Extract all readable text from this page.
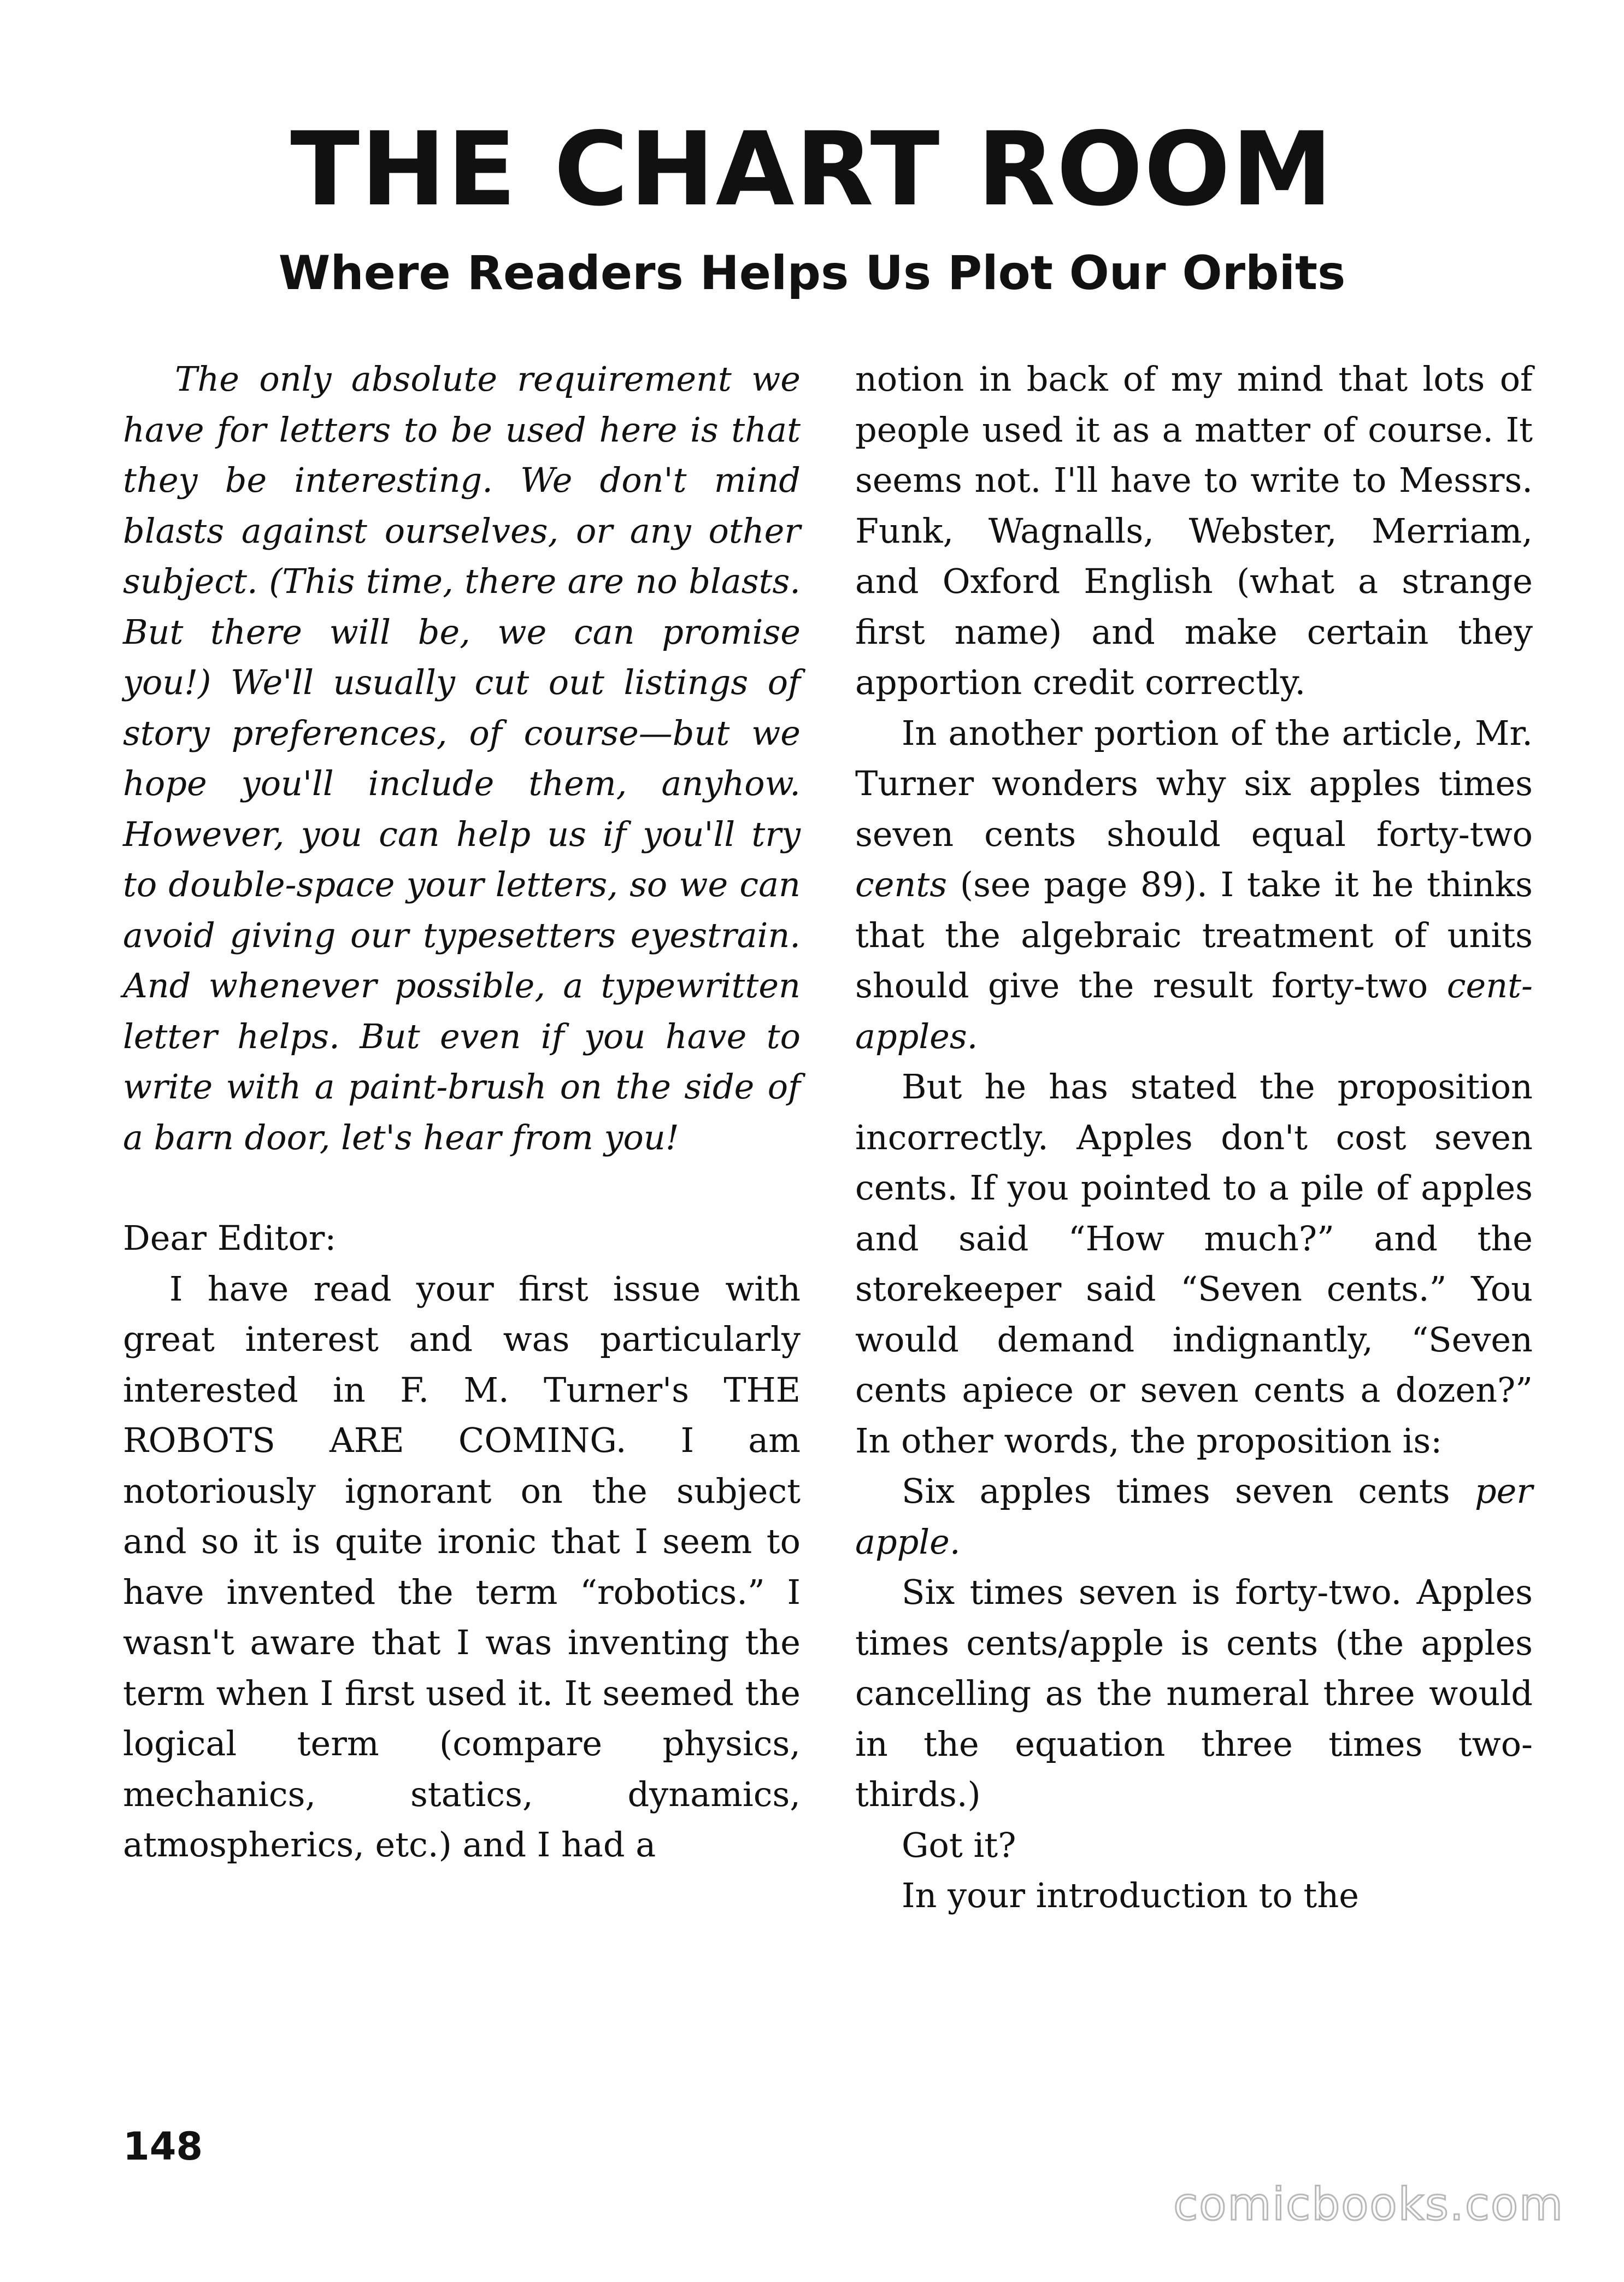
THE CHART ROOM
Where Readers Helps Us Plot Our Orbits

The only absolute requirement we have for letters to be used here is that they be interesting. We don't mind blasts against ourselves, or any other subject. (This time, there are no blasts. But there will be, we can promise you!) We'll usually cut out listings of story preferences, of course—but we hope you'll include them, anyhow. However, you can help us if you'll try to double-space your letters, so we can avoid giving our typesetters eyestrain. And whenever possible, a typewritten letter helps. But even if you have to write with a paint-brush on the side of a barn door, let's hear from you!

Dear Editor:

I have read your first issue with great interest and was particularly interested in F. M. Turner's THE ROBOTS ARE COMING. I am notoriously ignorant on the subject and so it is quite ironic that I seem to have invented the term “robotics.” I wasn't aware that I was inventing the term when I first used it. It seemed the logical term (compare physics, mechanics, statics, dynamics, atmospherics, etc.) and I had a

notion in back of my mind that lots of people used it as a matter of course. It seems not. I'll have to write to Messrs. Funk, Wagnalls, Webster, Merriam, and Oxford English (what a strange first name) and make certain they apportion credit correctly.

In another portion of the article, Mr. Turner wonders why six apples times seven cents should equal forty-two cents (see page 89). I take it he thinks that the algebraic treatment of units should give the result forty-two cent-apples.

But he has stated the proposition incorrectly. Apples don't cost seven cents. If you pointed to a pile of apples and said “How much?” and the storekeeper said “Seven cents.” You would demand indignantly, “Seven cents apiece or seven cents a dozen?” In other words, the proposition is:

Six apples times seven cents per apple.

Six times seven is forty-two. Apples times cents/apple is cents (the apples cancelling as the numeral three would in the equation three times two-thirds.)

Got it?

In your introduction to the

148
comicbooks.com
